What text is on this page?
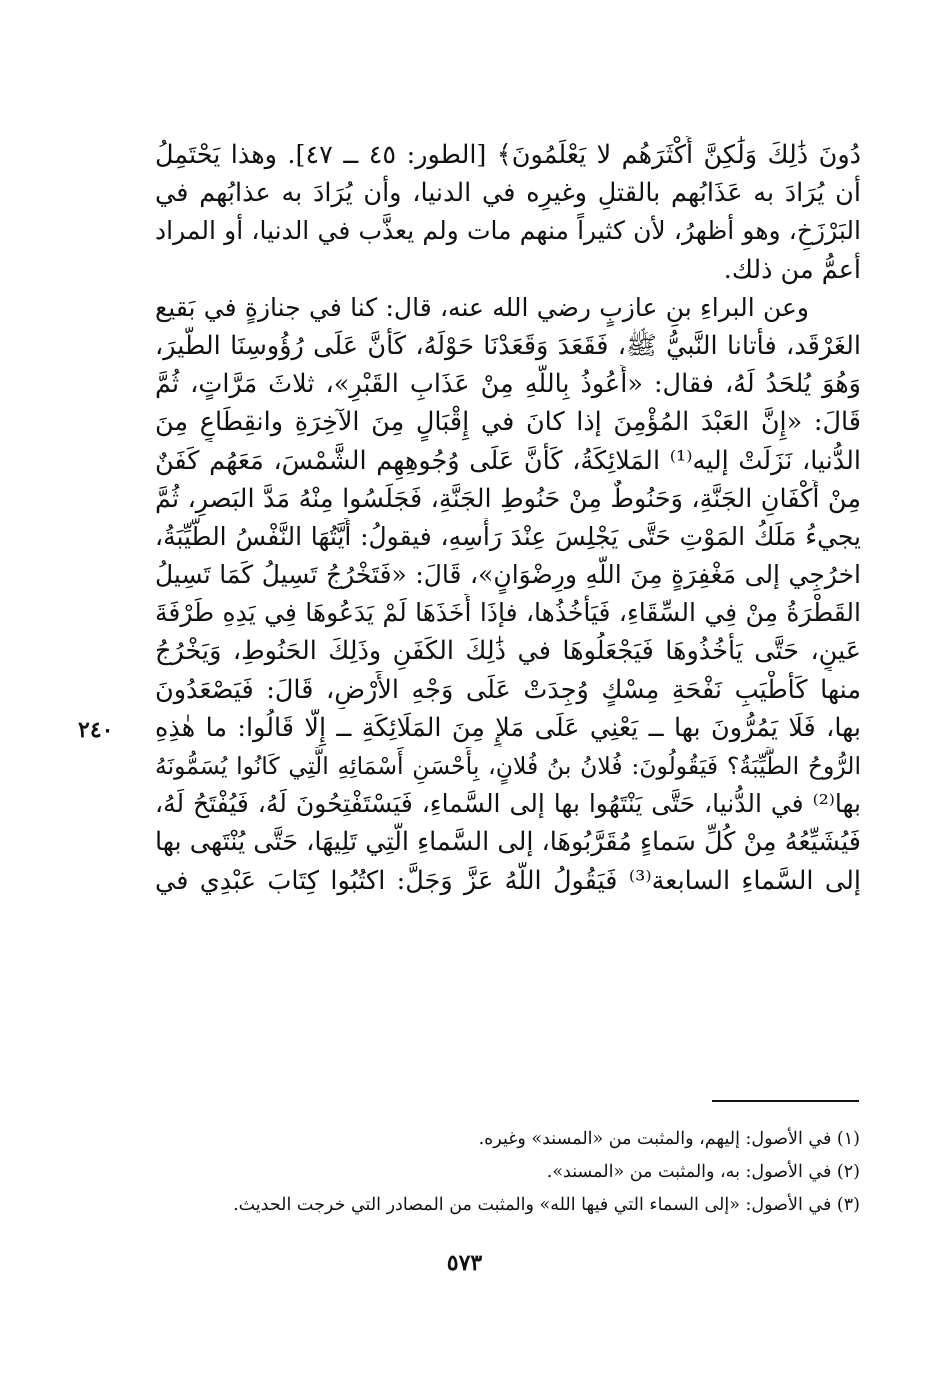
دُونَ ذَٰلِكَ وَلَٰكِنَّ أَكْثَرَهُم لا يَعْلَمُونَ﴾ [الطور: ٤٥ ــ ٤٧]. وهذا يَحْتَمِلُ
أن يُرَادَ به عَذَابُهم بالقتلِ وغيرِه في الدنيا، وأن يُرَادَ به عذابُهم في
البَرْزَخِ، وهو أظهرُ، لأن كثيراً منهم مات ولم يعذَّب في الدنيا، أو المراد
أعمُّ من ذلك.
وعن البراءِ بنِ عازبٍ رضي الله عنه، قال: كنا في جنازةٍ في بَقيع
الغَرْقَد، فأتانا النَّبيُّ ﷺ، فَقَعَدَ وَقَعَدْنَا حَوْلَهُ، كَأَنَّ عَلَى رُؤُوسِنَا الطَّيرَ،
وَهُوَ يُلحَدُ لَهُ، فقال: «أَعُوذُ بِاللَّهِ مِنْ عَذَابِ القَبْرِ»، ثلاثَ مَرَّاتٍ، ثُمَّ
قَالَ: «إِنَّ العَبْدَ المُؤْمِنَ إذا كانَ في إِقْبَالٍ مِنَ الآخِرَةِ وانقِطَاعٍ مِنَ
الدُّنيا، نَزَلَتْ إليه⁽¹⁾ المَلائِكَةُ، كَأَنَّ عَلَى وُجُوهِهِم الشَّمْسَ، مَعَهُم كَفَنٌ
مِنْ أَكْفَانِ الجَنَّةِ، وَحَنُوطٌ مِنْ حَنُوطِ الجَنَّةِ، فَجَلَسُوا مِنْهُ مَدَّ البَصرِ، ثُمَّ
يجيءُ مَلَكُ المَوْتِ حَتَّى يَجْلِسَ عِنْدَ رَأْسِهِ، فيقولُ: أَيَّتُهَا النَّفْسُ الطَّيِّبَةُ،
اخرُجِي إلى مَغْفِرَةٍ مِنَ اللَّهِ ورِضْوَانٍ»، قَالَ: «فَتَخْرُجُ تَسِيلُ كَمَا تَسِيلُ
القَطْرَةُ مِنْ فِي السِّقَاءِ، فَيَأْخُذُها، فإذَا أَخَذَهَا لَمْ يَدَعُوهَا فِي يَدِهِ طَرْفَةَ
عَينٍ، حَتَّى يَأْخُذُوهَا فَيَجْعَلُوهَا في ذَٰلِكَ الكَفَنِ وذَلِكَ الحَنُوطِ، وَيَخْرُجُ
منها كَأَطْيَبِ نَفْحَةِ مِسْكٍ وُجِدَتْ عَلَى وَجْهِ الأَرْضِ، قَالَ: فَيَصْعَدُونَ
بها، فَلَا يَمُرُّونَ بها ــ يَعْنِي عَلَى مَلإٍ مِنَ المَلَائِكَةِ ــ إِلَّا قَالُوا: ما هٰذِهِ
الرُّوحُ الطَّيِّبَةُ؟ فَيَقُولُونَ: فُلانُ بنُ فُلانٍ، بِأَحْسَنِ أَسْمَائِهِ الَّتِي كَانُوا يُسَمُّونَهُ
بها⁽²⁾ في الدُّنيا، حَتَّى يَنْتَهُوا بها إلى السَّماءِ، فَيَسْتَفْتِحُونَ لَهُ، فَيُفْتَحُ لَهُ،
فَيُشَيِّعُهُ مِنْ كُلِّ سَماءٍ مُقَرَّبُوهَا، إلى السَّماءِ الَّتِي تَلِيهَا، حَتَّى يُنْتَهى بها
إلى السَّماءِ السابعة⁽³⁾ فَيَقُولُ اللَّهُ عَزَّ وَجَلَّ: اكتُبُوا كِتَابَ عَبْدِي في
٢٤٠
(١) في الأصول: إليهم، والمثبت من «المسند» وغيره.
(٢) في الأصول: به، والمثبت من «المسند».
(٣) في الأصول: «إلى السماء التي فيها الله» والمثبت من المصادر التي خرجت الحديث.
٥٧٣
